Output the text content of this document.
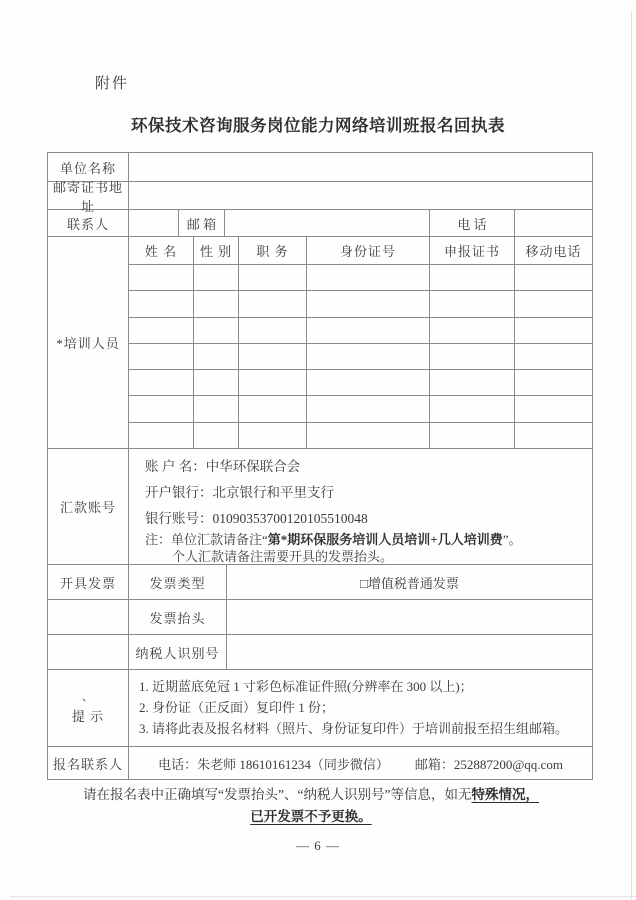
附件
环保技术咨询服务岗位能力网络培训班报名回执表
单位名称
邮寄证书地址
联系人	邮 箱	电 话
*培训人员
姓 名	性 别	职 务	身份证号	申报证书	移动电话
汇款账号
账 户 名：中华环保联合会
开户银行：北京银行和平里支行
银行账号：01090353700120105510048
注：单位汇款请备注“第*期环保服务培训人员培训+几人培训费”。
个人汇款请备注需要开具的发票抬头。
开具发票	发票类型	□增值税普通发票
发票抬头
纳税人识别号
、
提 示
1. 近期蓝底免冠 1 寸彩色标准证件照(分辨率在 300 以上)；
2. 身份证（正反面）复印件 1 份；
3. 请将此表及报名材料（照片、身份证复印件）于培训前报至招生组邮箱。
报名联系人	电话：朱老师 18610161234（同步微信） 邮箱：252887200@qq.com
请在报名表中正确填写“发票抬头”、“纳税人识别号”等信息，如无特殊情况，
已开发票不予更换。
— 6 —
